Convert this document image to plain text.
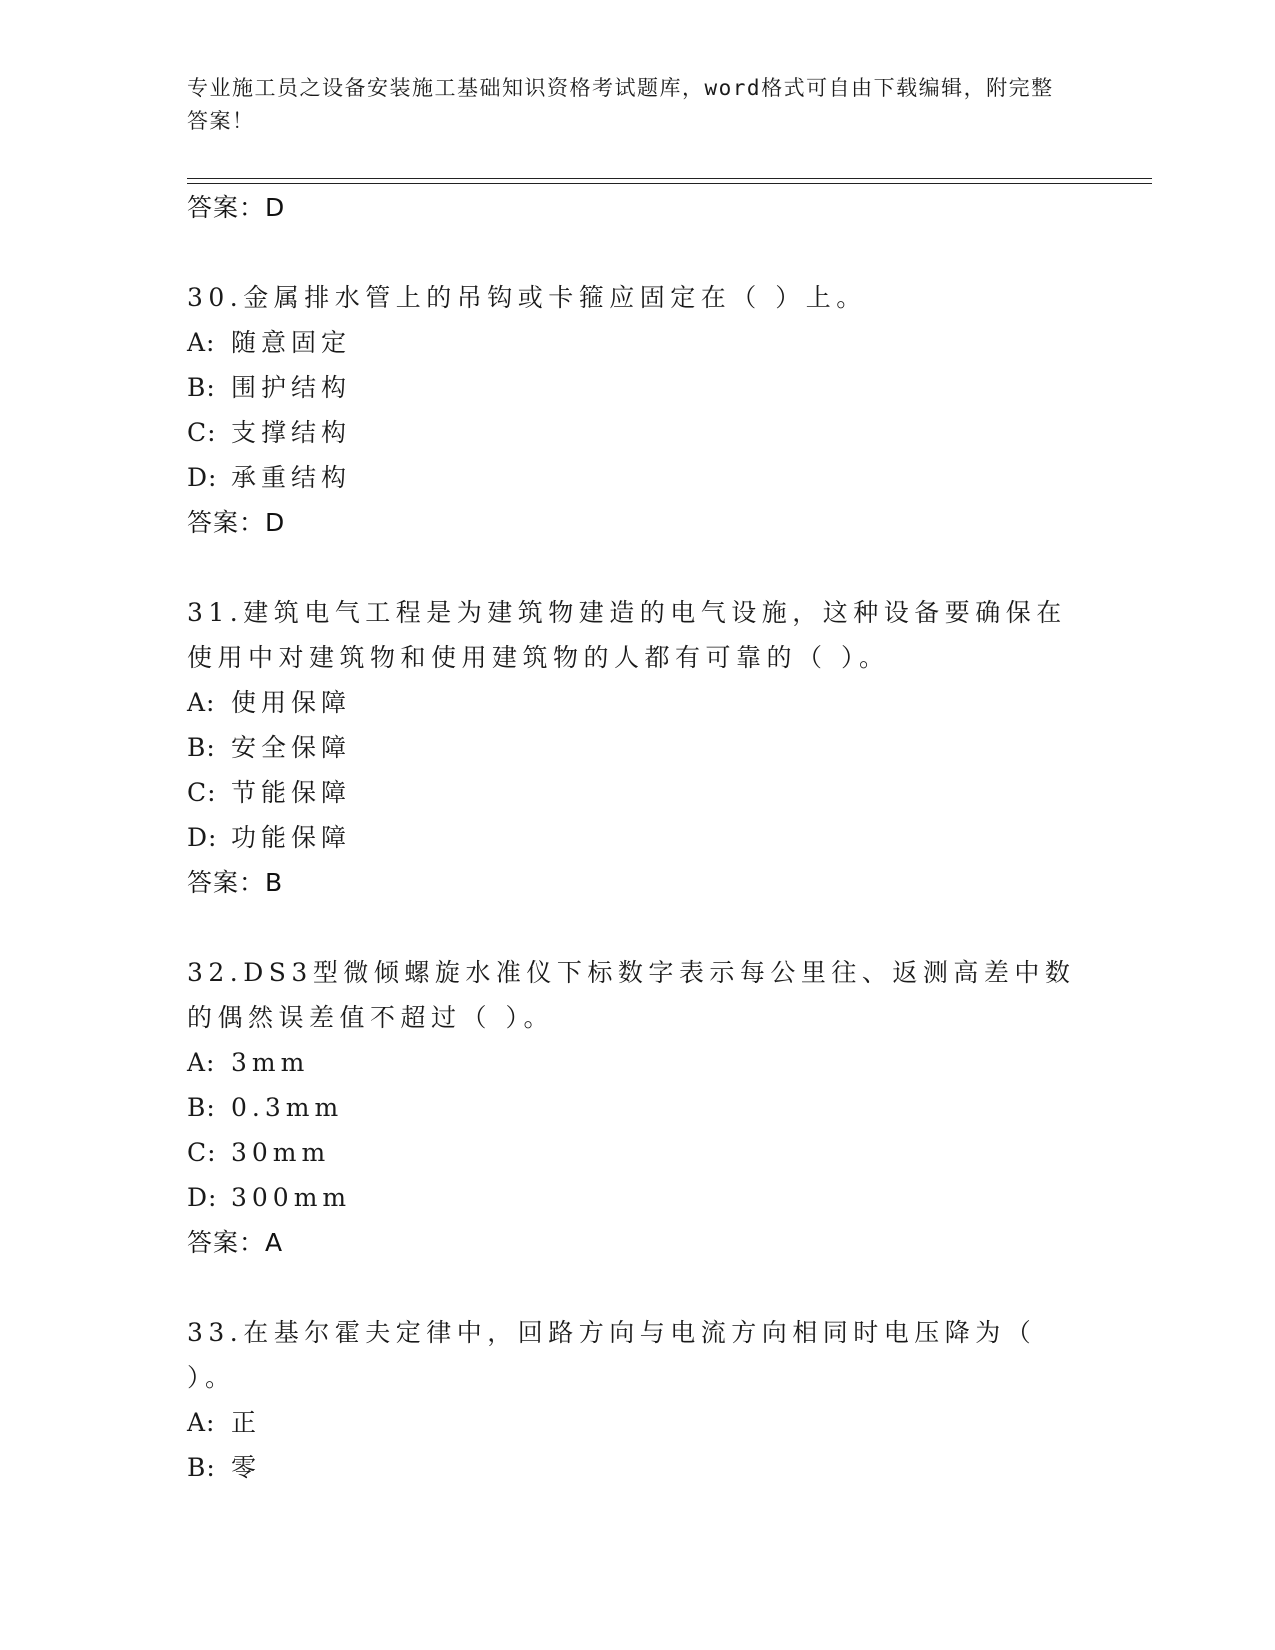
专业施工员之设备安装施工基础知识资格考试题库，word格式可自由下载编辑，附完整答案！
答案：D
30.金属排水管上的吊钩或卡箍应固定在（ ）上。
A: 随意固定
B: 围护结构
C: 支撑结构
D: 承重结构
答案：D
31.建筑电气工程是为建筑物建造的电气设施，这种设备要确保在使用中对建筑物和使用建筑物的人都有可靠的（ ）。
A: 使用保障
B: 安全保障
C: 节能保障
D: 功能保障
答案：B
32.DS3型微倾螺旋水准仪下标数字表示每公里往、返测高差中数的偶然误差值不超过（ ）。
A: 3mm
B: 0.3mm
C: 30mm
D: 300mm
答案：A
33.在基尔霍夫定律中，回路方向与电流方向相同时电压降为（ ）。
A: 正
B: 零
